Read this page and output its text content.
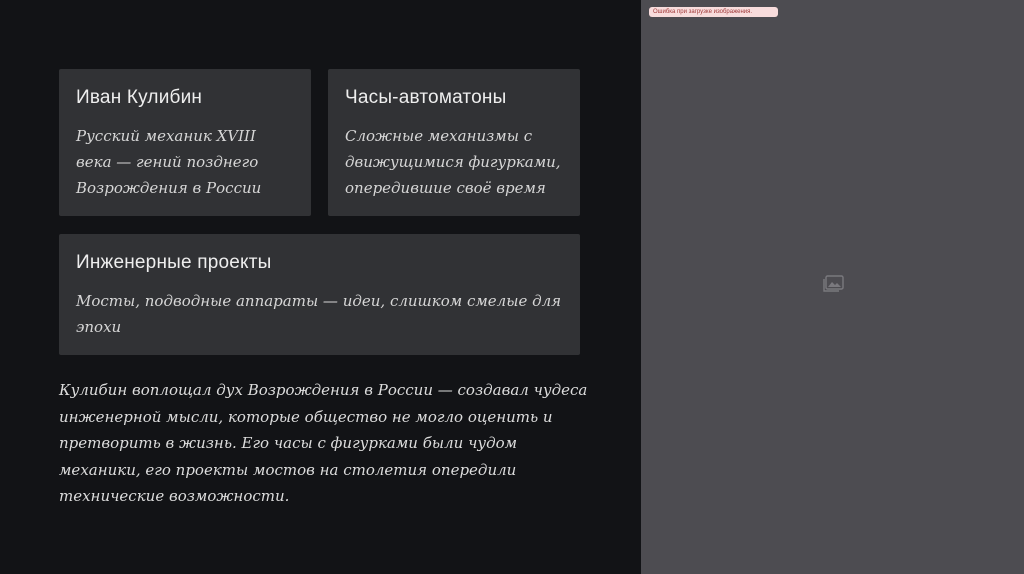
Иван Кулибин

Русский механик XVIII века — гений позднего Возрождения в России

Часы-автоматоны

Сложные механизмы с движущимися фигурками, опередившие своё время

Инженерные проекты

Мосты, подводные аппараты — идеи, слишком смелые для эпохи

Кулибин воплощал дух Возрождения в России — создавал чудеса инженерной мысли, которые общество не могло оценить и претворить в жизнь. Его часы с фигурками были чудом механики, его проекты мостов на столетия опередили технические возможности.

Ошибка при загрузке изображения.
